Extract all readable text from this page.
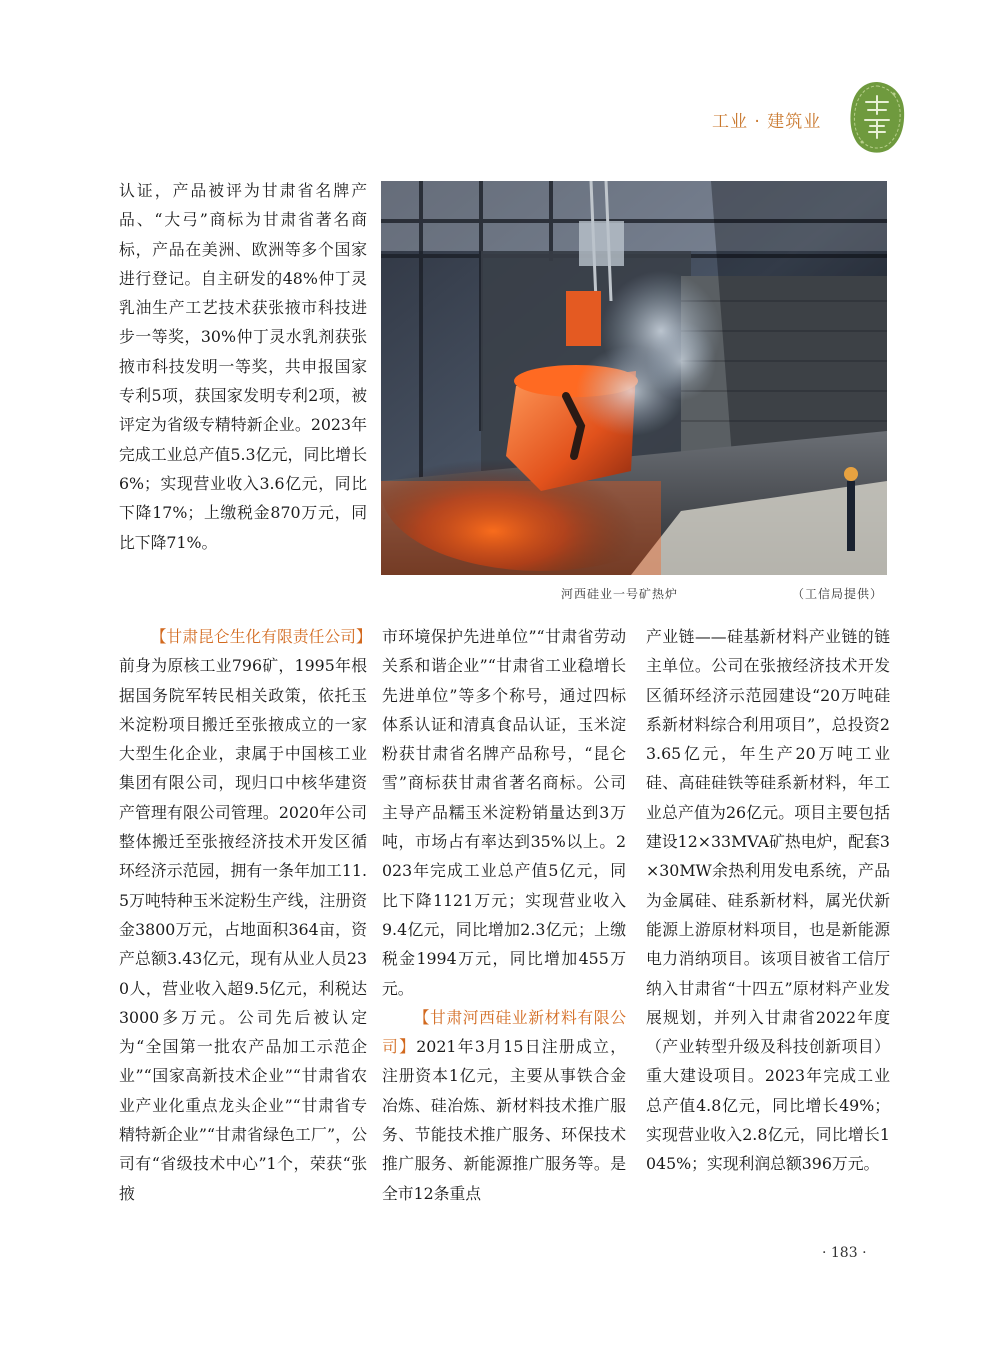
工业 · 建筑业

认证，产品被评为甘肃省名牌产品、“大弓”商标为甘肃省著名商标，产品在美洲、欧洲等多个国家进行登记。自主研发的48%仲丁灵乳油生产工艺技术获张掖市科技进步一等奖，30%仲丁灵水乳剂获张掖市科技发明一等奖，共申报国家专利5项，获国家发明专利2项，被评定为省级专精特新企业。2023年完成工业总产值5.3亿元，同比增长6%；实现营业收入3.6亿元，同比下降17%；上缴税金870万元，同比下降71%。

【甘肃昆仑生化有限责任公司】前身为原核工业796矿，1995年根据国务院军转民相关政策，依托玉米淀粉项目搬迁至张掖成立的一家大型生化企业，隶属于中国核工业集团有限公司，现归口中核华建资产管理有限公司管理。2020年公司整体搬迁至张掖经济技术开发区循环经济示范园，拥有一条年加工11.5万吨特种玉米淀粉生产线，注册资金3800万元，占地面积364亩，资产总额3.43亿元，现有从业人员230人，营业收入超9.5亿元，利税达3000多万元。公司先后被认定为“全国第一批农产品加工示范企业”“国家高新技术企业”“甘肃省农业产业化重点龙头企业”“甘肃省专精特新企业”“甘肃省绿色工厂”，公司有“省级技术中心”1个，荣获“张掖

河西硅业一号矿热炉	（工信局提供）

市环境保护先进单位”“甘肃省劳动关系和谐企业”“甘肃省工业稳增长先进单位”等多个称号，通过四标体系认证和清真食品认证，玉米淀粉获甘肃省名牌产品称号，“昆仑雪”商标获甘肃省著名商标。公司主导产品糯玉米淀粉销量达到3万吨，市场占有率达到35%以上。2023年完成工业总产值5亿元，同比下降1121万元；实现营业收入9.4亿元，同比增加2.3亿元；上缴税金1994万元，同比增加455万元。

【甘肃河西硅业新材料有限公司】2021年3月15日注册成立，注册资本1亿元，主要从事铁合金冶炼、硅冶炼、新材料技术推广服务、节能技术推广服务、环保技术推广服务、新能源推广服务等。是全市12条重点

产业链——硅基新材料产业链的链主单位。公司在张掖经济技术开发区循环经济示范园建设“20万吨硅系新材料综合利用项目”，总投资23.65亿元，年生产20万吨工业硅、高硅硅铁等硅系新材料，年工业总产值为26亿元。项目主要包括建设12×33MVA矿热电炉，配套3×30MW余热利用发电系统，产品为金属硅、硅系新材料，属光伏新能源上游原材料项目，也是新能源电力消纳项目。该项目被省工信厅纳入甘肃省“十四五”原材料产业发展规划，并列入甘肃省2022年度（产业转型升级及科技创新项目）重大建设项目。2023年完成工业总产值4.8亿元，同比增长49%；实现营业收入2.8亿元，同比增长1045%；实现利润总额396万元。

· 183 ·
